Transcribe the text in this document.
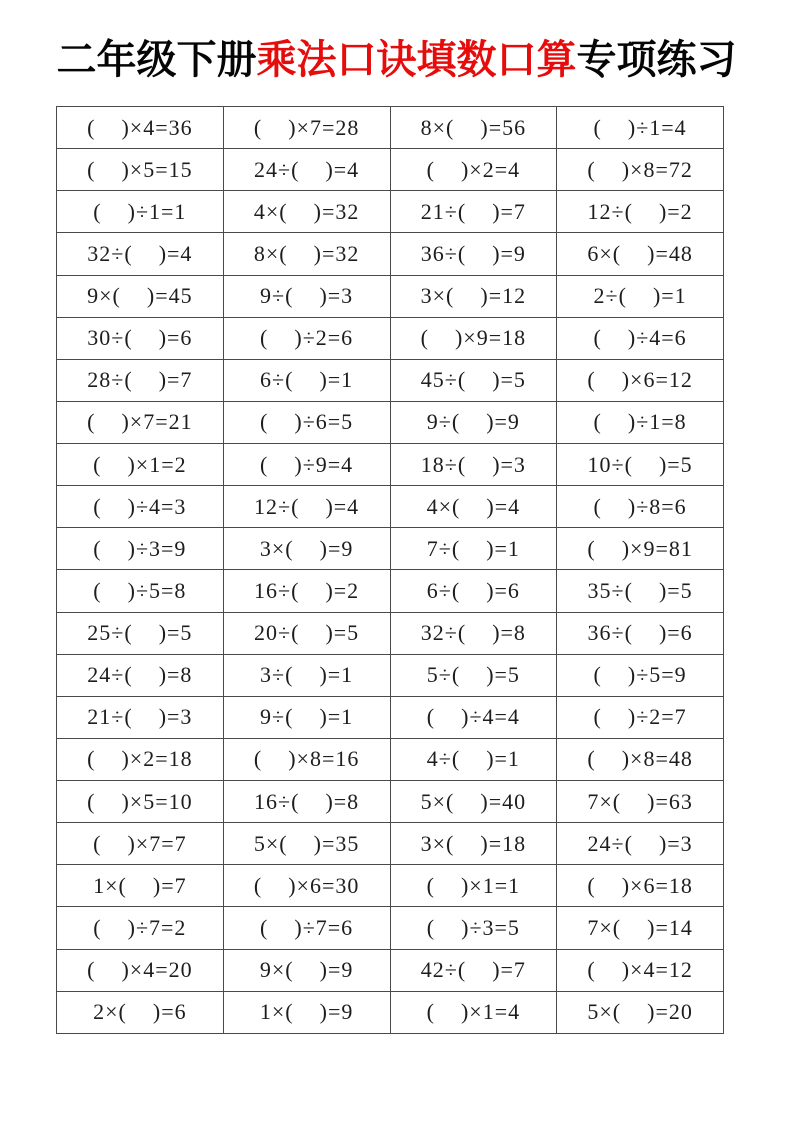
二年级下册乘法口诀填数口算专项练习
(    )×4=36	(    )×7=28	8×(    )=56	(    )÷1=4
(    )×5=15	24÷(    )=4	(    )×2=4	(    )×8=72
(    )÷1=1	4×(    )=32	21÷(    )=7	12÷(    )=2
32÷(    )=4	8×(    )=32	36÷(    )=9	6×(    )=48
9×(    )=45	9÷(    )=3	3×(    )=12	2÷(    )=1
30÷(    )=6	(    )÷2=6	(    )×9=18	(    )÷4=6
28÷(    )=7	6÷(    )=1	45÷(    )=5	(    )×6=12
(    )×7=21	(    )÷6=5	9÷(    )=9	(    )÷1=8
(    )×1=2	(    )÷9=4	18÷(    )=3	10÷(    )=5
(    )÷4=3	12÷(    )=4	4×(    )=4	(    )÷8=6
(    )÷3=9	3×(    )=9	7÷(    )=1	(    )×9=81
(    )÷5=8	16÷(    )=2	6÷(    )=6	35÷(    )=5
25÷(    )=5	20÷(    )=5	32÷(    )=8	36÷(    )=6
24÷(    )=8	3÷(    )=1	5÷(    )=5	(    )÷5=9
21÷(    )=3	9÷(    )=1	(    )÷4=4	(    )÷2=7
(    )×2=18	(    )×8=16	4÷(    )=1	(    )×8=48
(    )×5=10	16÷(    )=8	5×(    )=40	7×(    )=63
(    )×7=7	5×(    )=35	3×(    )=18	24÷(    )=3
1×(    )=7	(    )×6=30	(    )×1=1	(    )×6=18
(    )÷7=2	(    )÷7=6	(    )÷3=5	7×(    )=14
(    )×4=20	9×(    )=9	42÷(    )=7	(    )×4=12
2×(    )=6	1×(    )=9	(    )×1=4	5×(    )=20
